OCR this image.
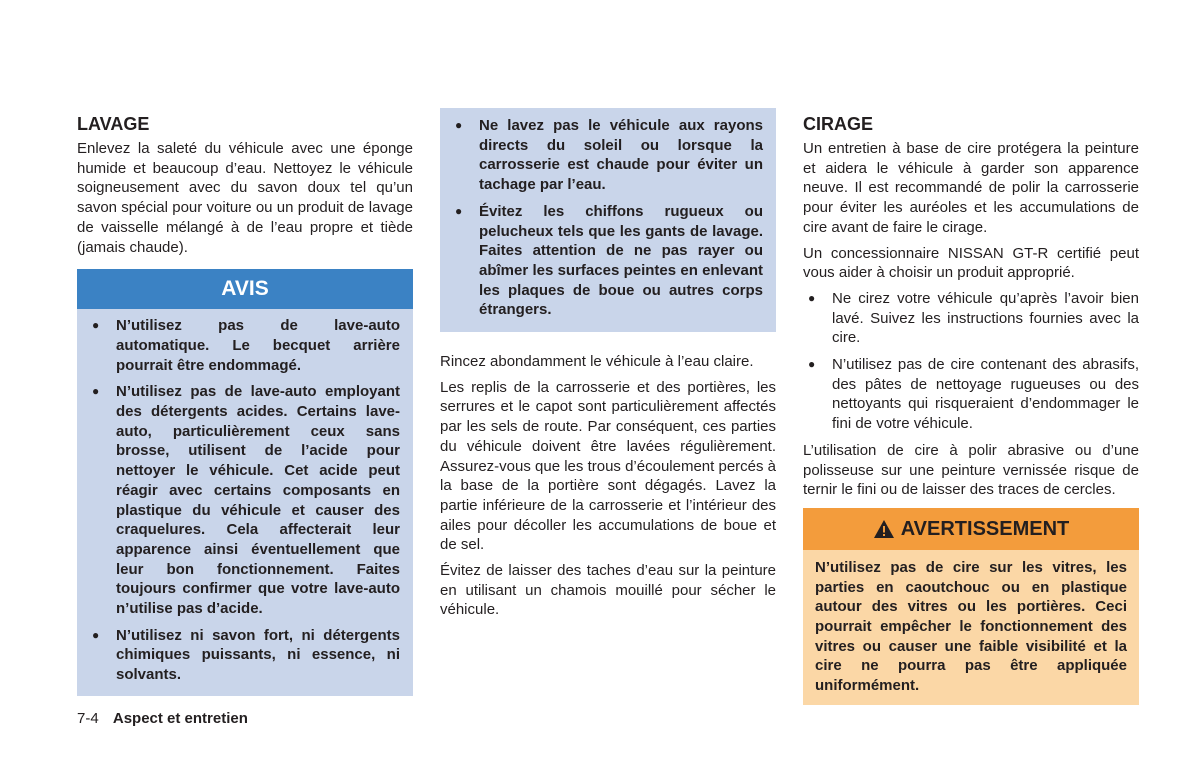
LAVAGE

Enlevez la saleté du véhicule avec une éponge humide et beaucoup d’eau. Nettoyez le véhicule soigneusement avec du savon doux tel qu’un savon spécial pour voiture ou un produit de lavage de vaisselle mélangé à de l’eau propre et tiède (jamais chaude).

AVIS
● N’utilisez pas de lave-auto automatique. Le becquet arrière pourrait être endommagé.
● N’utilisez pas de lave-auto employant des détergents acides. Certains lave-auto, particulièrement ceux sans brosse, utilisent de l’acide pour nettoyer le véhicule. Cet acide peut réagir avec certains composants en plastique du véhicule et causer des craquelures. Cela affecterait leur apparence ainsi éventuellement que leur bon fonctionnement. Faites toujours confirmer que votre lave-auto n’utilise pas d’acide.
● N’utilisez ni savon fort, ni détergents chimiques puissants, ni essence, ni solvants.
● Ne lavez pas le véhicule aux rayons directs du soleil ou lorsque la carrosserie est chaude pour éviter un tachage par l’eau.
● Évitez les chiffons rugueux ou pelucheux tels que les gants de lavage. Faites attention de ne pas rayer ou abîmer les surfaces peintes en enlevant les plaques de boue ou autres corps étrangers.

Rincez abondamment le véhicule à l’eau claire.

Les replis de la carrosserie et des portières, les serrures et le capot sont particulièrement affectés par les sels de route. Par conséquent, ces parties du véhicule doivent être lavées régulièrement. Assurez-vous que les trous d’écoulement percés à la base de la portière sont dégagés. Lavez la partie inférieure de la carrosserie et l’intérieur des ailes pour décoller les accumulations de boue et de sel.

Évitez de laisser des taches d’eau sur la peinture en utilisant un chamois mouillé pour sécher le véhicule.

CIRAGE

Un entretien à base de cire protégera la peinture et aidera le véhicule à garder son apparence neuve. Il est recommandé de polir la carrosserie pour éviter les auréoles et les accumulations de cire avant de faire le cirage.

Un concessionnaire NISSAN GT-R certifié peut vous aider à choisir un produit approprié.

● Ne cirez votre véhicule qu’après l’avoir bien lavé. Suivez les instructions fournies avec la cire.
● N’utilisez pas de cire contenant des abrasifs, des pâtes de nettoyage rugueuses ou des nettoyants qui risqueraient d’endommager le fini de votre véhicule.

L’utilisation de cire à polir abrasive ou d’une polisseuse sur une peinture vernissée risque de ternir le fini ou de laisser des traces de cercles.

AVERTISSEMENT
N’utilisez pas de cire sur les vitres, les parties en caoutchouc ou en plastique autour des vitres ou les portières. Ceci pourrait empêcher le fonctionnement des vitres ou causer une faible visibilité et la cire ne pourra pas être appliquée uniformément.
7-4 Aspect et entretien
